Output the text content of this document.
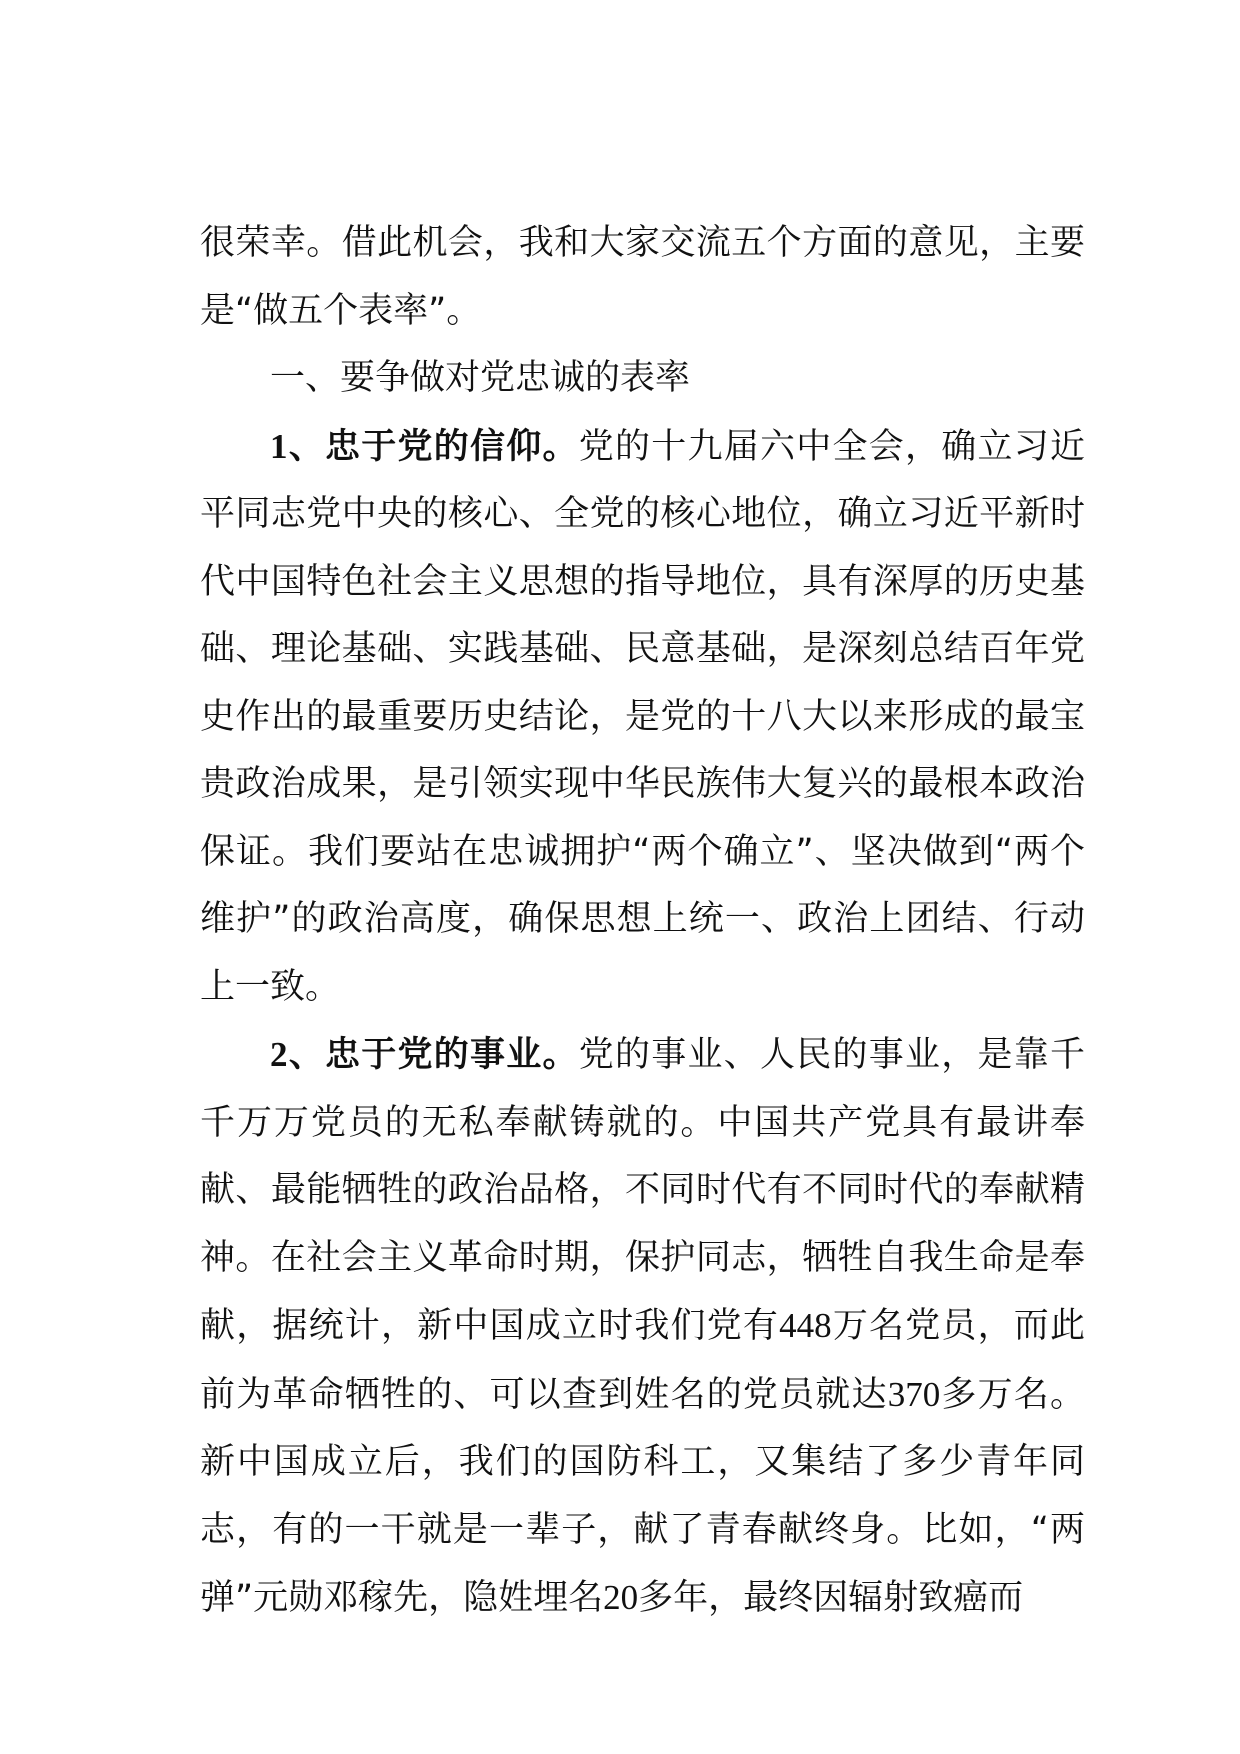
很荣幸。借此机会，我和大家交流五个方面的意见，主要是“做五个表率”。

一、要争做对党忠诚的表率

1、忠于党的信仰。党的十九届六中全会，确立习近平同志党中央的核心、全党的核心地位，确立习近平新时代中国特色社会主义思想的指导地位，具有深厚的历史基础、理论基础、实践基础、民意基础，是深刻总结百年党史作出的最重要历史结论，是党的十八大以来形成的最宝贵政治成果，是引领实现中华民族伟大复兴的最根本政治保证。我们要站在忠诚拥护“两个确立”、坚决做到“两个维护”的政治高度，确保思想上统一、政治上团结、行动上一致。

2、忠于党的事业。党的事业、人民的事业，是靠千千万万党员的无私奉献铸就的。中国共产党具有最讲奉献、最能牺牲的政治品格，不同时代有不同时代的奉献精神。在社会主义革命时期，保护同志，牺牲自我生命是奉献，据统计，新中国成立时我们党有448万名党员，而此前为革命牺牲的、可以查到姓名的党员就达370多万名。新中国成立后，我们的国防科工，又集结了多少青年同志，有的一干就是一辈子，献了青春献终身。比如，“两弹”元勋邓稼先，隐姓埋名20多年，最终因辐射致癌而
